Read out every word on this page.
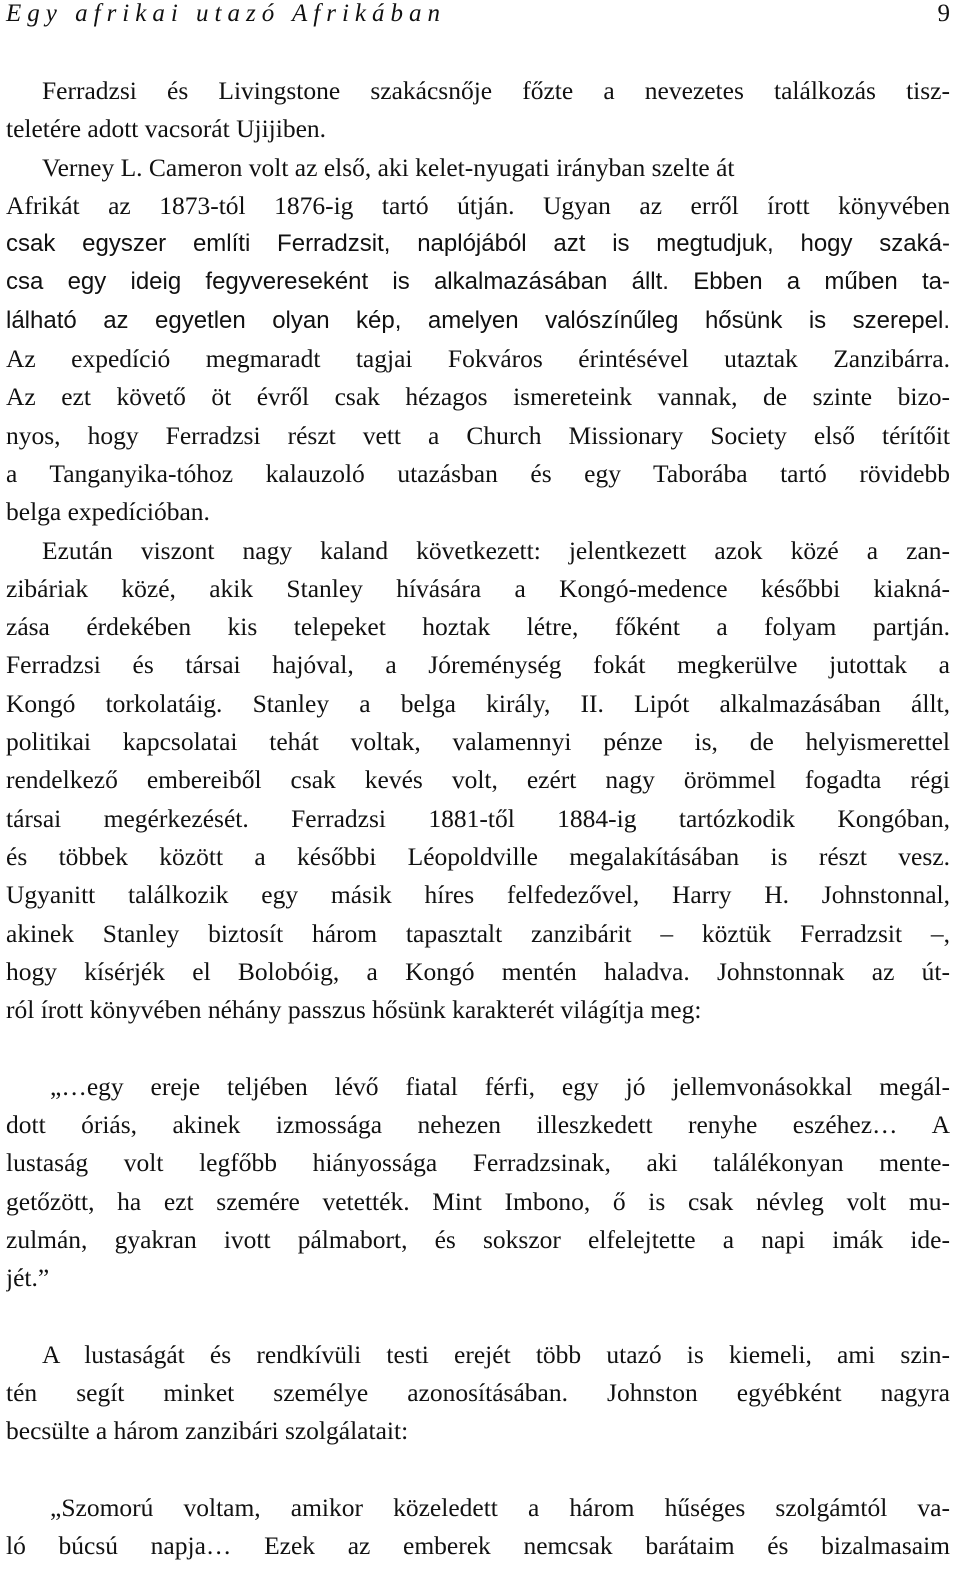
Egy afrikai utazó Afrikában	9
Ferradzsi és Livingstone szakácsnője főzte a nevezetes találkozás tisz-
teletére adott vacsorát Ujijiben.
Verney L. Cameron volt az első, aki kelet-nyugati irányban szelte át
Afrikát az 1873-tól 1876-ig tartó útján. Ugyan az erről írott könyvében
csak egyszer említi Ferradzsit, naplójából azt is megtudjuk, hogy szaká-
csa egy ideig fegyvereseként is alkalmazásában állt. Ebben a műben ta-
lálható az egyetlen olyan kép, amelyen valószínűleg hősünk is szerepel.
Az expedíció megmaradt tagjai Fokváros érintésével utaztak Zanzibárra.
Az ezt követő öt évről csak hézagos ismereteink vannak, de szinte bizo-
nyos, hogy Ferradzsi részt vett a Church Missionary Society első térítőit
a Tanganyika-tóhoz kalauzoló utazásban és egy Taborába tartó rövidebb
belga expedícióban.
Ezután viszont nagy kaland következett: jelentkezett azok közé a zan-
zibáriak közé, akik Stanley hívására a Kongó-medence későbbi kiakná-
zása érdekében kis telepeket hoztak létre, főként a folyam partján.
Ferradzsi és társai hajóval, a Jóreménység fokát megkerülve jutottak a
Kongó torkolatáig. Stanley a belga király, II. Lipót alkalmazásában állt,
politikai kapcsolatai tehát voltak, valamennyi pénze is, de helyismerettel
rendelkező embereiből csak kevés volt, ezért nagy örömmel fogadta régi
társai megérkezését. Ferradzsi 1881-től 1884-ig tartózkodik Kongóban,
és többek között a későbbi Léopoldville megalakításában is részt vesz.
Ugyanitt találkozik egy másik híres felfedezővel, Harry H. Johnstonnal,
akinek Stanley biztosít három tapasztalt zanzibárit – köztük Ferradzsit –,
hogy kísérjék el Bolobóig, a Kongó mentén haladva. Johnstonnak az út-
ról írott könyvében néhány passzus hősünk karakterét világítja meg:
„…egy ereje teljében lévő fiatal férfi, egy jó jellemvonásokkal megál-
dott óriás, akinek izmossága nehezen illeszkedett renyhe eszéhez… A
lustaság volt legfőbb hiányossága Ferradzsinak, aki találékonyan mente-
getőzött, ha ezt szemére vetették. Mint Imbono, ő is csak névleg volt mu-
zulmán, gyakran ivott pálmabort, és sokszor elfelejtette a napi imák ide-
jét.”
A lustaságát és rendkívüli testi erejét több utazó is kiemeli, ami szin-
tén segít minket személye azonosításában. Johnston egyébként nagyra
becsülte a három zanzibári szolgálatait:
„Szomorú voltam, amikor közeledett a három hűséges szolgámtól va-
ló búcsú napja… Ezek az emberek nemcsak barátaim és bizalmasaim
